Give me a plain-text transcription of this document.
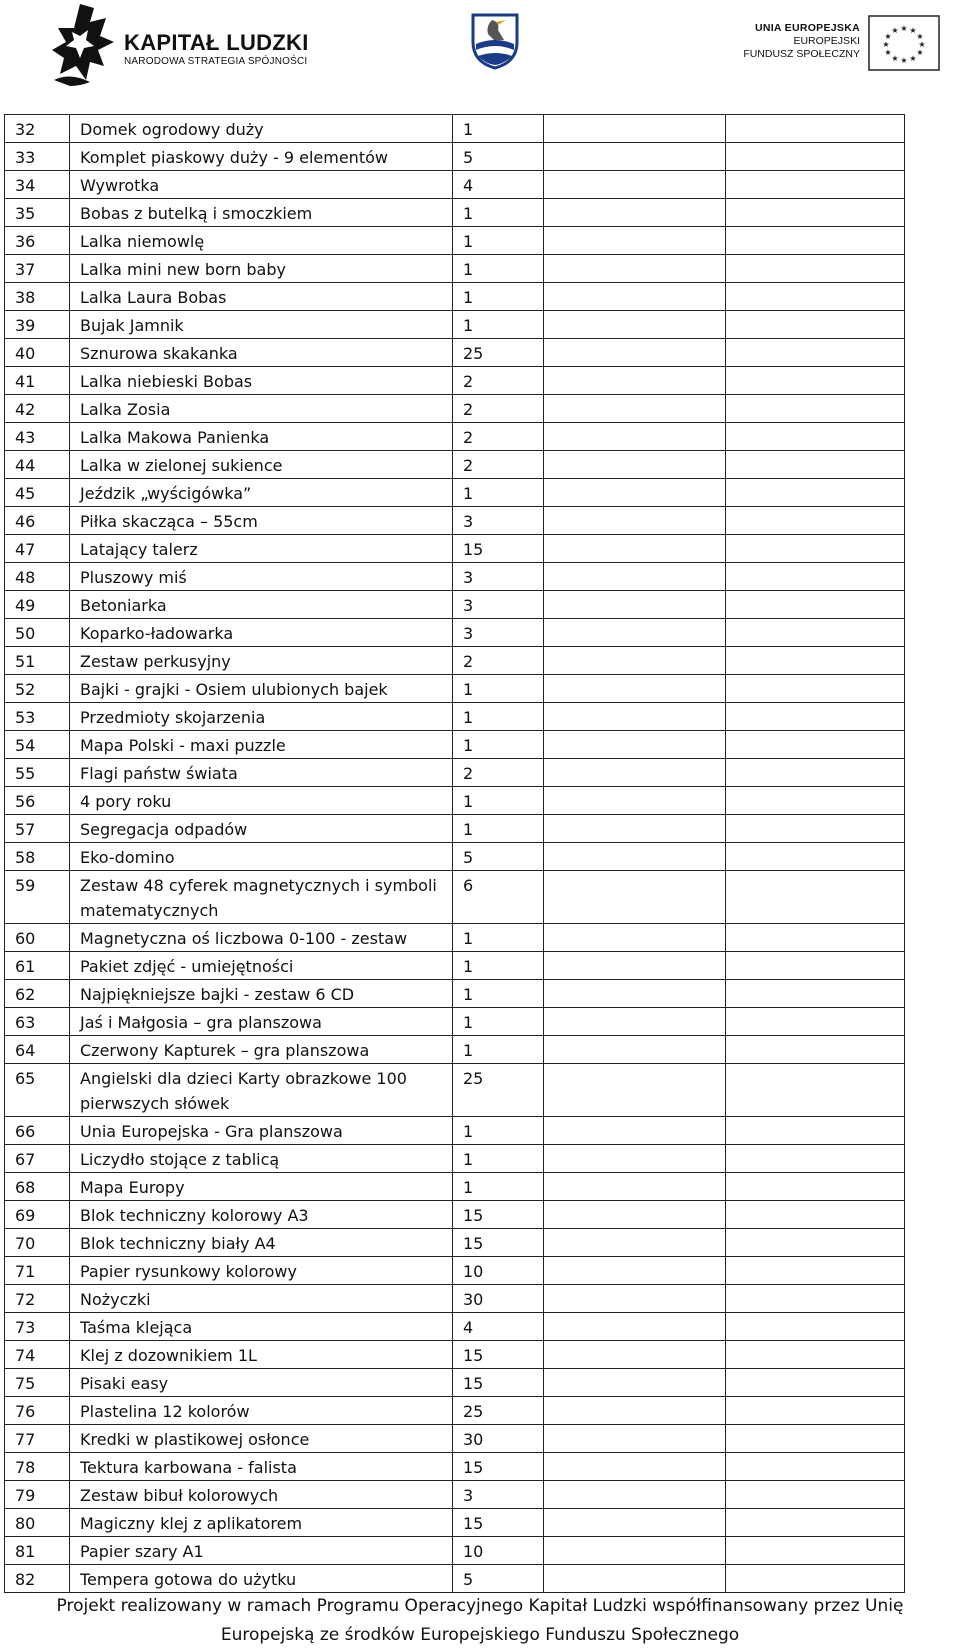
KAPITAŁ LUDZKI
NARODOWA STRATEGIA SPÓJNOŚCI
UNIA EUROPEJSKA
EUROPEJSKI
FUNDUSZ SPOŁECZNY
★ ★
★
★
★
★
★
★
★
★
★
★
32	Domek ogrodowy duży	1		
33	Komplet piaskowy duży - 9 elementów	5		
34	Wywrotka	4		
35	Bobas z butelką i smoczkiem	1		
36	Lalka niemowlę	1		
37	Lalka mini new born baby	1		
38	Lalka Laura Bobas	1		
39	Bujak Jamnik	1		
40	Sznurowa skakanka	25		
41	Lalka niebieski Bobas	2		
42	Lalka Zosia	2		
43	Lalka Makowa Panienka	2		
44	Lalka w zielonej sukience	2		
45	Jeździk „wyścigówka”	1		
46	Piłka skacząca – 55cm	3		
47	Latający talerz	15		
48	Pluszowy miś	3		
49	Betoniarka	3		
50	Koparko-ładowarka	3		
51	Zestaw perkusyjny	2		
52	Bajki - grajki - Osiem ulubionych bajek	1		
53	Przedmioty skojarzenia	1		
54	Mapa Polski - maxi puzzle	1		
55	Flagi państw świata	2		
56	4 pory roku	1		
57	Segregacja odpadów	1		
58	Eko-domino	5		
59	Zestaw 48 cyferek magnetycznych i symboli matematycznych	6		
60	Magnetyczna oś liczbowa 0-100 - zestaw	1		
61	Pakiet zdjęć - umiejętności	1		
62	Najpiękniejsze bajki - zestaw 6 CD	1		
63	Jaś i Małgosia – gra planszowa	1		
64	Czerwony Kapturek – gra planszowa	1		
65	Angielski dla dzieci Karty obrazkowe 100 pierwszych słówek	25		
66	Unia Europejska - Gra planszowa	1		
67	Liczydło stojące z tablicą	1		
68	Mapa Europy	1		
69	Blok techniczny kolorowy A3	15		
70	Blok techniczny biały A4	15		
71	Papier rysunkowy kolorowy	10		
72	Nożyczki	30		
73	Taśma klejąca	4		
74	Klej z dozownikiem 1L	15		
75	Pisaki easy	15		
76	Plastelina 12 kolorów	25		
77	Kredki w plastikowej osłonce	30		
78	Tektura karbowana - falista	15		
79	Zestaw bibuł kolorowych	3		
80	Magiczny klej z aplikatorem	15		
81	Papier szary A1	10		
82	Tempera gotowa do użytku	5		
Projekt realizowany w ramach Programu Operacyjnego Kapitał Ludzki współfinansowany przez Unię
Europejską ze środków Europejskiego Funduszu Społecznego
